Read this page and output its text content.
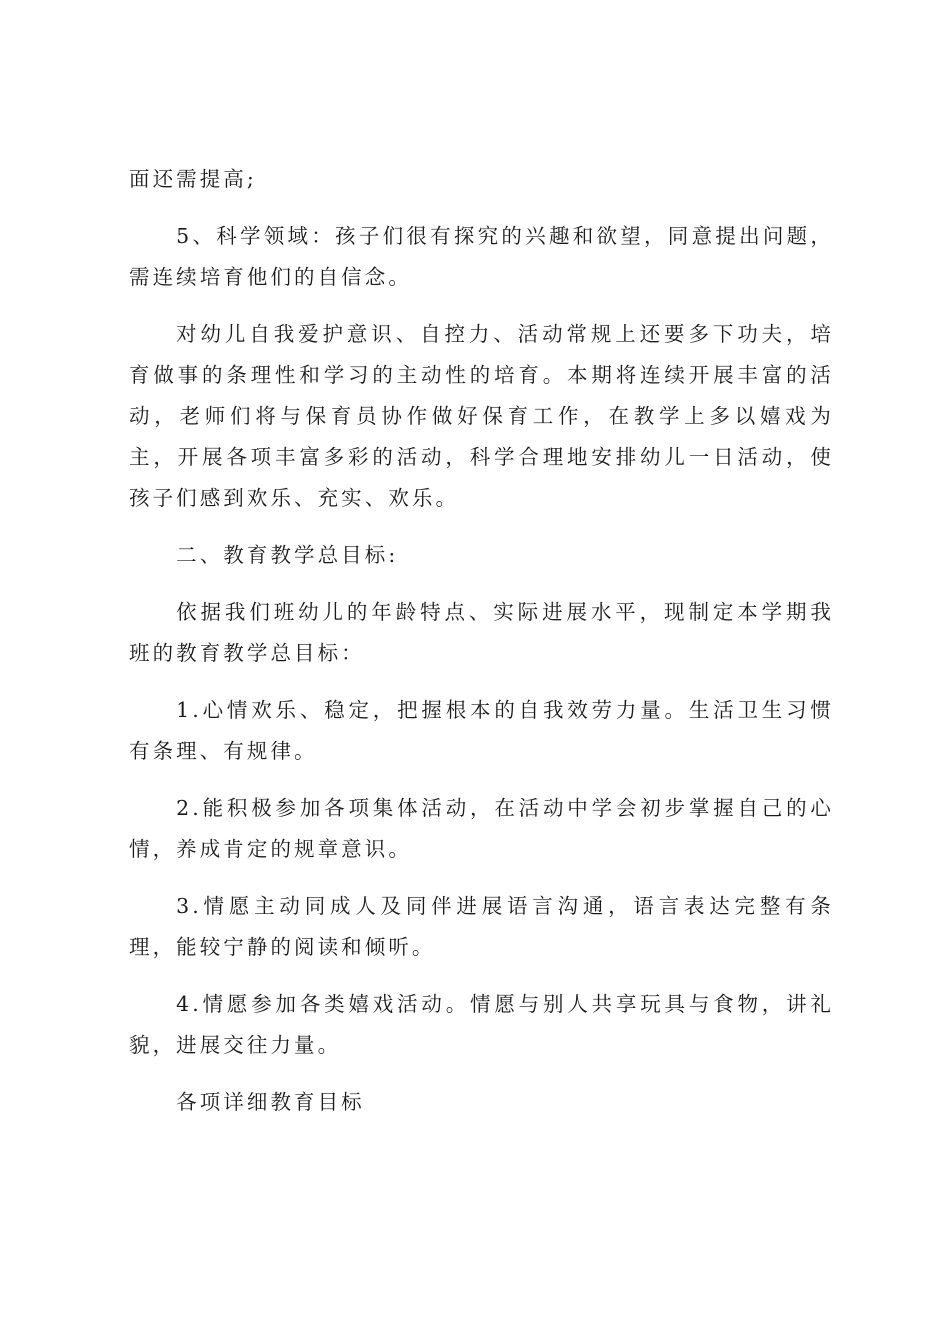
面还需提高;

5、科学领域：孩子们很有探究的兴趣和欲望，同意提出问题，需连续培育他们的自信念。

对幼儿自我爱护意识、自控力、活动常规上还要多下功夫，培育做事的条理性和学习的主动性的培育。本期将连续开展丰富的活动，老师们将与保育员协作做好保育工作，在教学上多以嬉戏为主，开展各项丰富多彩的活动，科学合理地安排幼儿一日活动，使孩子们感到欢乐、充实、欢乐。

二、教育教学总目标:

依据我们班幼儿的年龄特点、实际进展水平，现制定本学期我班的教育教学总目标：

1.心情欢乐、稳定，把握根本的自我效劳力量。生活卫生习惯有条理、有规律。

2.能积极参加各项集体活动，在活动中学会初步掌握自己的心情，养成肯定的规章意识。

3.情愿主动同成人及同伴进展语言沟通，语言表达完整有条理，能较宁静的阅读和倾听。

4.情愿参加各类嬉戏活动。情愿与别人共享玩具与食物，讲礼貌，进展交往力量。

各项详细教育目标
